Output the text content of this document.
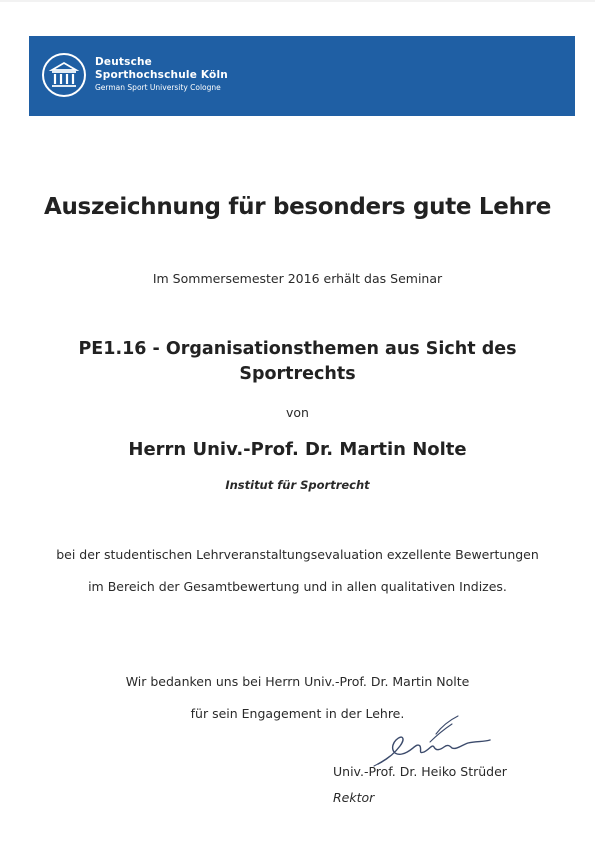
Deutsche
Sporthochschule Köln
German Sport University Cologne
Auszeichnung für besonders gute Lehre
Im Sommersemester 2016 erhält das Seminar
PE1.16 - Organisationsthemen aus Sicht des
Sportrechts
von
Herrn Univ.-Prof. Dr. Martin Nolte
Institut für Sportrecht
bei der studentischen Lehrveranstaltungsevaluation exzellente Bewertungen
im Bereich der Gesamtbewertung und in allen qualitativen Indizes.
Wir bedanken uns bei Herrn Univ.-Prof. Dr. Martin Nolte
für sein Engagement in der Lehre.
Univ.-Prof. Dr. Heiko Strüder
Rektor
